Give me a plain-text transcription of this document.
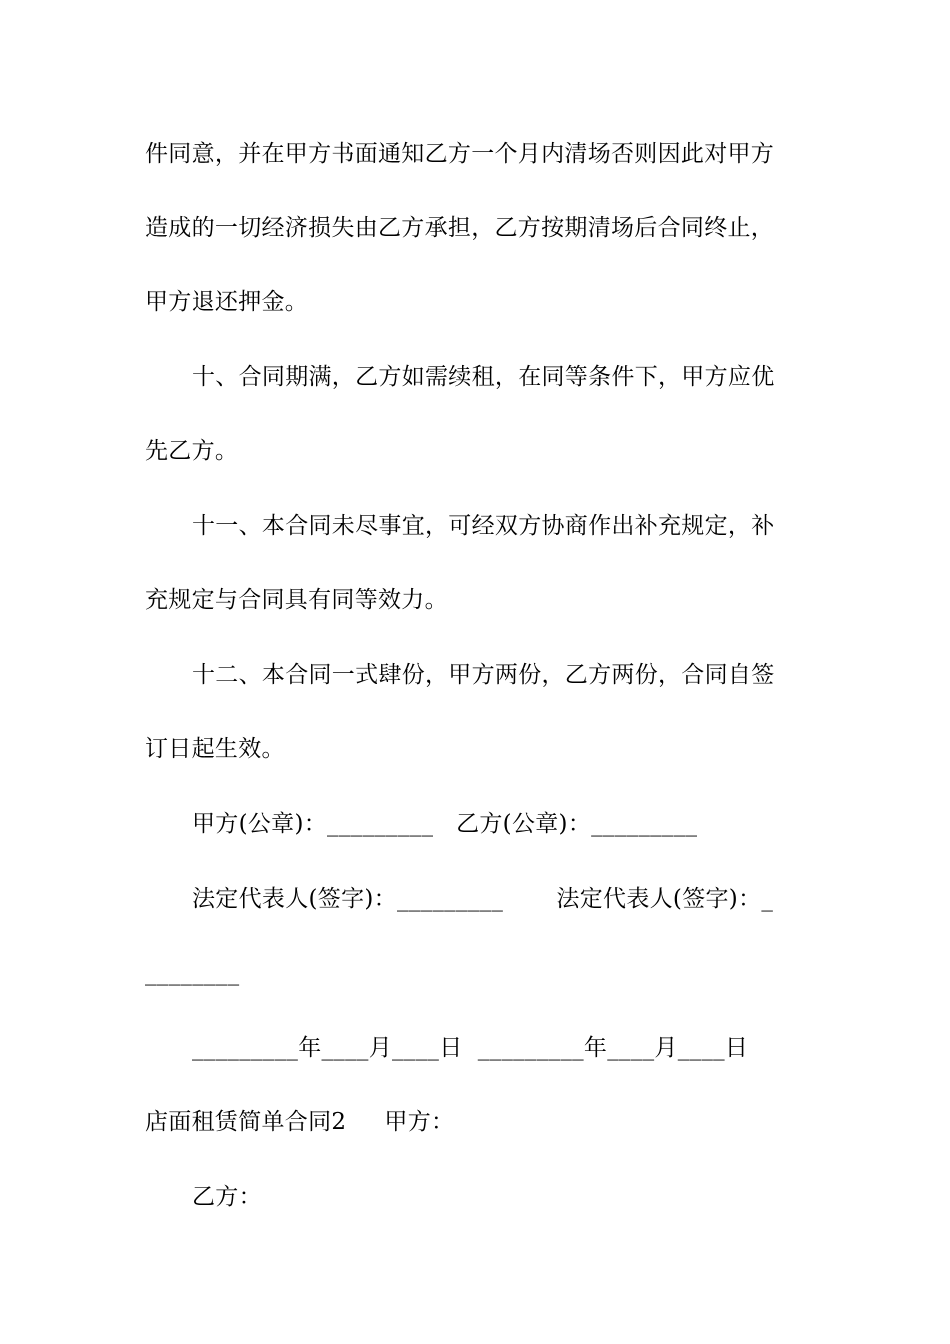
件同意，并在甲方书面通知乙方一个月内清场否则因此对甲方
造成的一切经济损失由乙方承担，乙方按期清场后合同终止，
甲方退还押金。
十、合同期满，乙方如需续租，在同等条件下，甲方应优
先乙方。
十一、本合同未尽事宜，可经双方协商作出补充规定，补
充规定与合同具有同等效力。
十二、本合同一式肆份，甲方两份，乙方两份，合同自签
订日起生效。
甲方(公章)：_________   乙方(公章)：_________
法定代表人(签字)：_________       法定代表人(签字)：_
________
_________年____月____日  _________年____月____日
店面租赁简单合同2     甲方：
乙方：
